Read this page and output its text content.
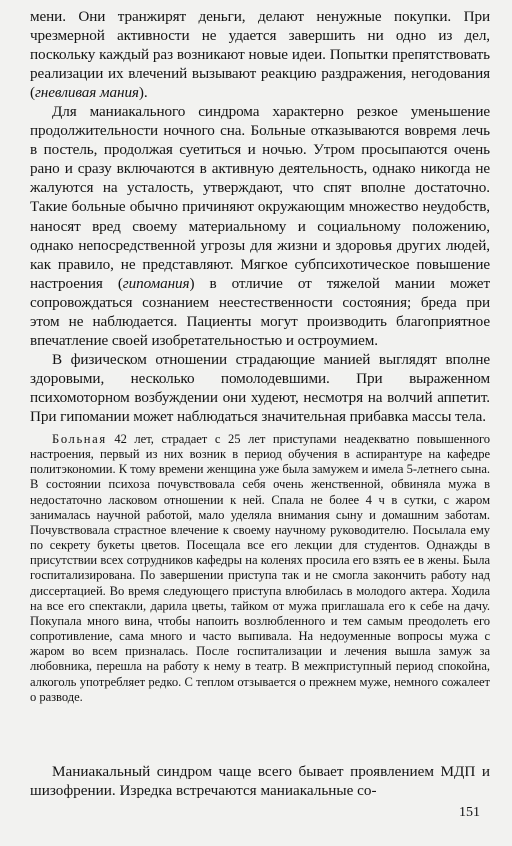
мени. Они транжирят деньги, делают ненужные покупки. При чрезмерной активности не удается завершить ни одно из дел, поскольку каждый раз возникают новые идеи. Попытки препятствовать реализации их влечений вызывают реакцию раздражения, негодования (гневливая мания).

Для маниакального синдрома характерно резкое уменьшение продолжительности ночного сна. Больные отказываются вовремя лечь в постель, продолжая суетиться и ночью. Утром просыпаются очень рано и сразу включаются в активную деятельность, однако никогда не жалуются на усталость, утверждают, что спят вполне достаточно. Такие больные обычно причиняют окружающим множество неудобств, наносят вред своему материальному и социальному положению, однако непосредственной угрозы для жизни и здоровья других людей, как правило, не представляют. Мягкое субпсихотическое повышение настроения (гипомания) в отличие от тяжелой мании может сопровождаться сознанием неестественности состояния; бреда при этом не наблюдается. Пациенты могут производить благоприятное впечатление своей изобретательностью и остроумием.

В физическом отношении страдающие манией выглядят вполне здоровыми, несколько помолодевшими. При выраженном психомоторном возбуждении они худеют, несмотря на волчий аппетит. При гипомании может наблюдаться значительная прибавка массы тела.

Больная 42 лет, страдает с 25 лет приступами неадекватно повышенного настроения, первый из них возник в период обучения в аспирантуре на кафедре политэкономии. К тому времени женщина уже была замужем и имела 5-летнего сына. В состоянии психоза почувствовала себя очень женственной, обвиняла мужа в недостаточно ласковом отношении к ней. Спала не более 4 ч в сутки, с жаром занималась научной работой, мало уделяла внимания сыну и домашним заботам. Почувствовала страстное влечение к своему научному руководителю. Посылала ему по секрету букеты цветов. Посещала все его лекции для студентов. Однажды в присутствии всех сотрудников кафедры на коленях просила его взять ее в жены. Была госпитализирована. По завершении приступа так и не смогла закончить работу над диссертацией. Во время следующего приступа влюбилась в молодого актера. Ходила на все его спектакли, дарила цветы, тайком от мужа приглашала его к себе на дачу. Покупала много вина, чтобы напоить возлюбленного и тем самым преодолеть его сопротивление, сама много и часто выпивала. На недоуменные вопросы мужа с жаром во всем призналась. После госпитализации и лечения вышла замуж за любовника, перешла на работу к нему в театр. В межприступный период спокойна, алкоголь употребляет редко. С теплом отзывается о прежнем муже, немного сожалеет о разводе.

Маниакальный синдром чаще всего бывает проявлением МДП и шизофрении. Изредка встречаются маниакальные со-

151
